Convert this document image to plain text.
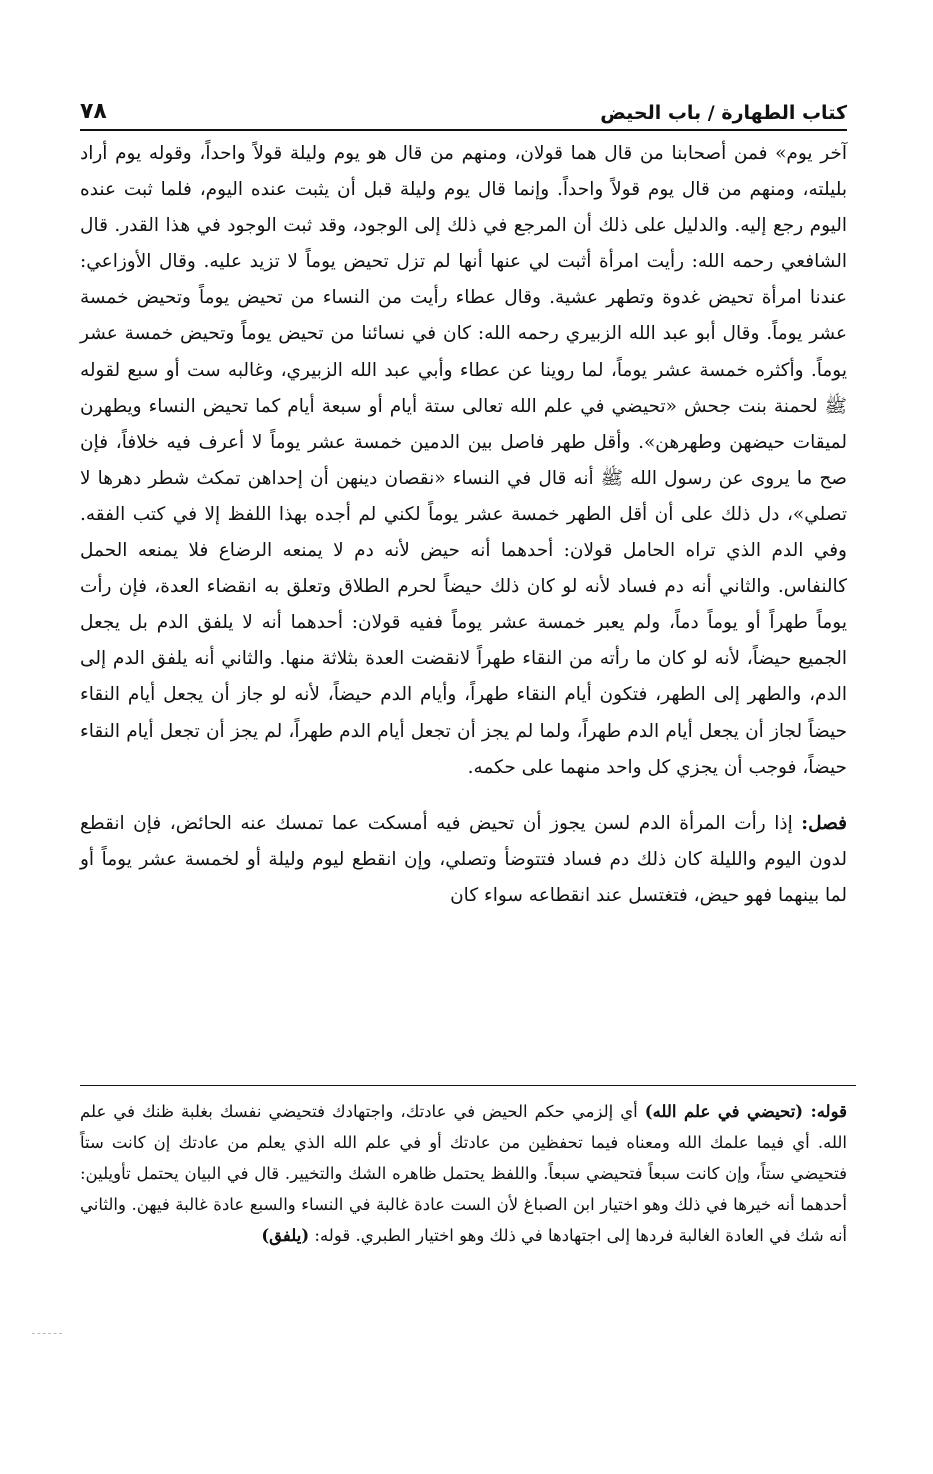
كتاب الطهارة / باب الحيض
٧٨

آخر يوم» فمن أصحابنا من قال هما قولان، ومنهم من قال هو يوم وليلة قولاً واحداً، وقوله يوم أراد بليلته، ومنهم من قال يوم قولاً واحداً. وإنما قال يوم وليلة قبل أن يثبت عنده اليوم، فلما ثبت عنده اليوم رجع إليه. والدليل على ذلك أن المرجع في ذلك إلى الوجود، وقد ثبت الوجود في هذا القدر. قال الشافعي رحمه الله: رأيت امرأة أثبت لي عنها أنها لم تزل تحيض يوماً لا تزيد عليه. وقال الأوزاعي: عندنا امرأة تحيض غدوة وتطهر عشية. وقال عطاء رأيت من النساء من تحيض يوماً وتحيض خمسة عشر يوماً. وقال أبو عبد الله الزبيري رحمه الله: كان في نسائنا من تحيض يوماً وتحيض خمسة عشر يوماً. وأكثره خمسة عشر يوماً، لما روينا عن عطاء وأبي عبد الله الزبيري، وغالبه ست أو سبع لقوله ﷺ لحمنة بنت جحش «تحيضي في علم الله تعالى ستة أيام أو سبعة أيام كما تحيض النساء ويطهرن لميقات حيضهن وطهرهن». وأقل طهر فاصل بين الدمين خمسة عشر يوماً لا أعرف فيه خلافاً، فإن صح ما يروى عن رسول الله ﷺ أنه قال في النساء «نقصان دينهن أن إحداهن تمكث شطر دهرها لا تصلي»، دل ذلك على أن أقل الطهر خمسة عشر يوماً لكني لم أجده بهذا اللفظ إلا في كتب الفقه. وفي الدم الذي تراه الحامل قولان: أحدهما أنه حيض لأنه دم لا يمنعه الرضاع فلا يمنعه الحمل كالنفاس. والثاني أنه دم فساد لأنه لو كان ذلك حيضاً لحرم الطلاق وتعلق به انقضاء العدة، فإن رأت يوماً طهراً أو يوماً دماً، ولم يعبر خمسة عشر يوماً ففيه قولان: أحدهما أنه لا يلفق الدم بل يجعل الجميع حيضاً، لأنه لو كان ما رأته من النقاء طهراً لانقضت العدة بثلاثة منها. والثاني أنه يلفق الدم إلى الدم، والطهر إلى الطهر، فتكون أيام النقاء طهراً، وأيام الدم حيضاً، لأنه لو جاز أن يجعل أيام النقاء حيضاً لجاز أن يجعل أيام الدم طهراً، ولما لم يجز أن تجعل أيام الدم طهراً، لم يجز أن تجعل أيام النقاء حيضاً، فوجب أن يجزي كل واحد منهما على حكمه.

فصل: إذا رأت المرأة الدم لسن يجوز أن تحيض فيه أمسكت عما تمسك عنه الحائض، فإن انقطع لدون اليوم والليلة كان ذلك دم فساد فتتوضأ وتصلي، وإن انقطع ليوم وليلة أو لخمسة عشر يوماً أو لما بينهما فهو حيض، فتغتسل عند انقطاعه سواء كان

قوله: (تحيضي في علم الله) أي إلزمي حكم الحيض في عادتك، واجتهادك فتحيضي نفسك بغلبة ظنك في علم الله. أي فيما علمك الله ومعناه فيما تحفظين من عادتك أو في علم الله الذي يعلم من عادتك إن كانت ستاً فتحيضي ستاً، وإن كانت سبعاً فتحيضي سبعاً. واللفظ يحتمل ظاهره الشك والتخيير. قال في البيان يحتمل تأويلين: أحدهما أنه خيرها في ذلك وهو اختيار ابن الصباغ لأن الست عادة غالبة في النساء والسبع عادة غالبة فيهن. والثاني أنه شك في العادة الغالبة فردها إلى اجتهادها في ذلك وهو اختيار الطبري. قوله: (يلفق)
